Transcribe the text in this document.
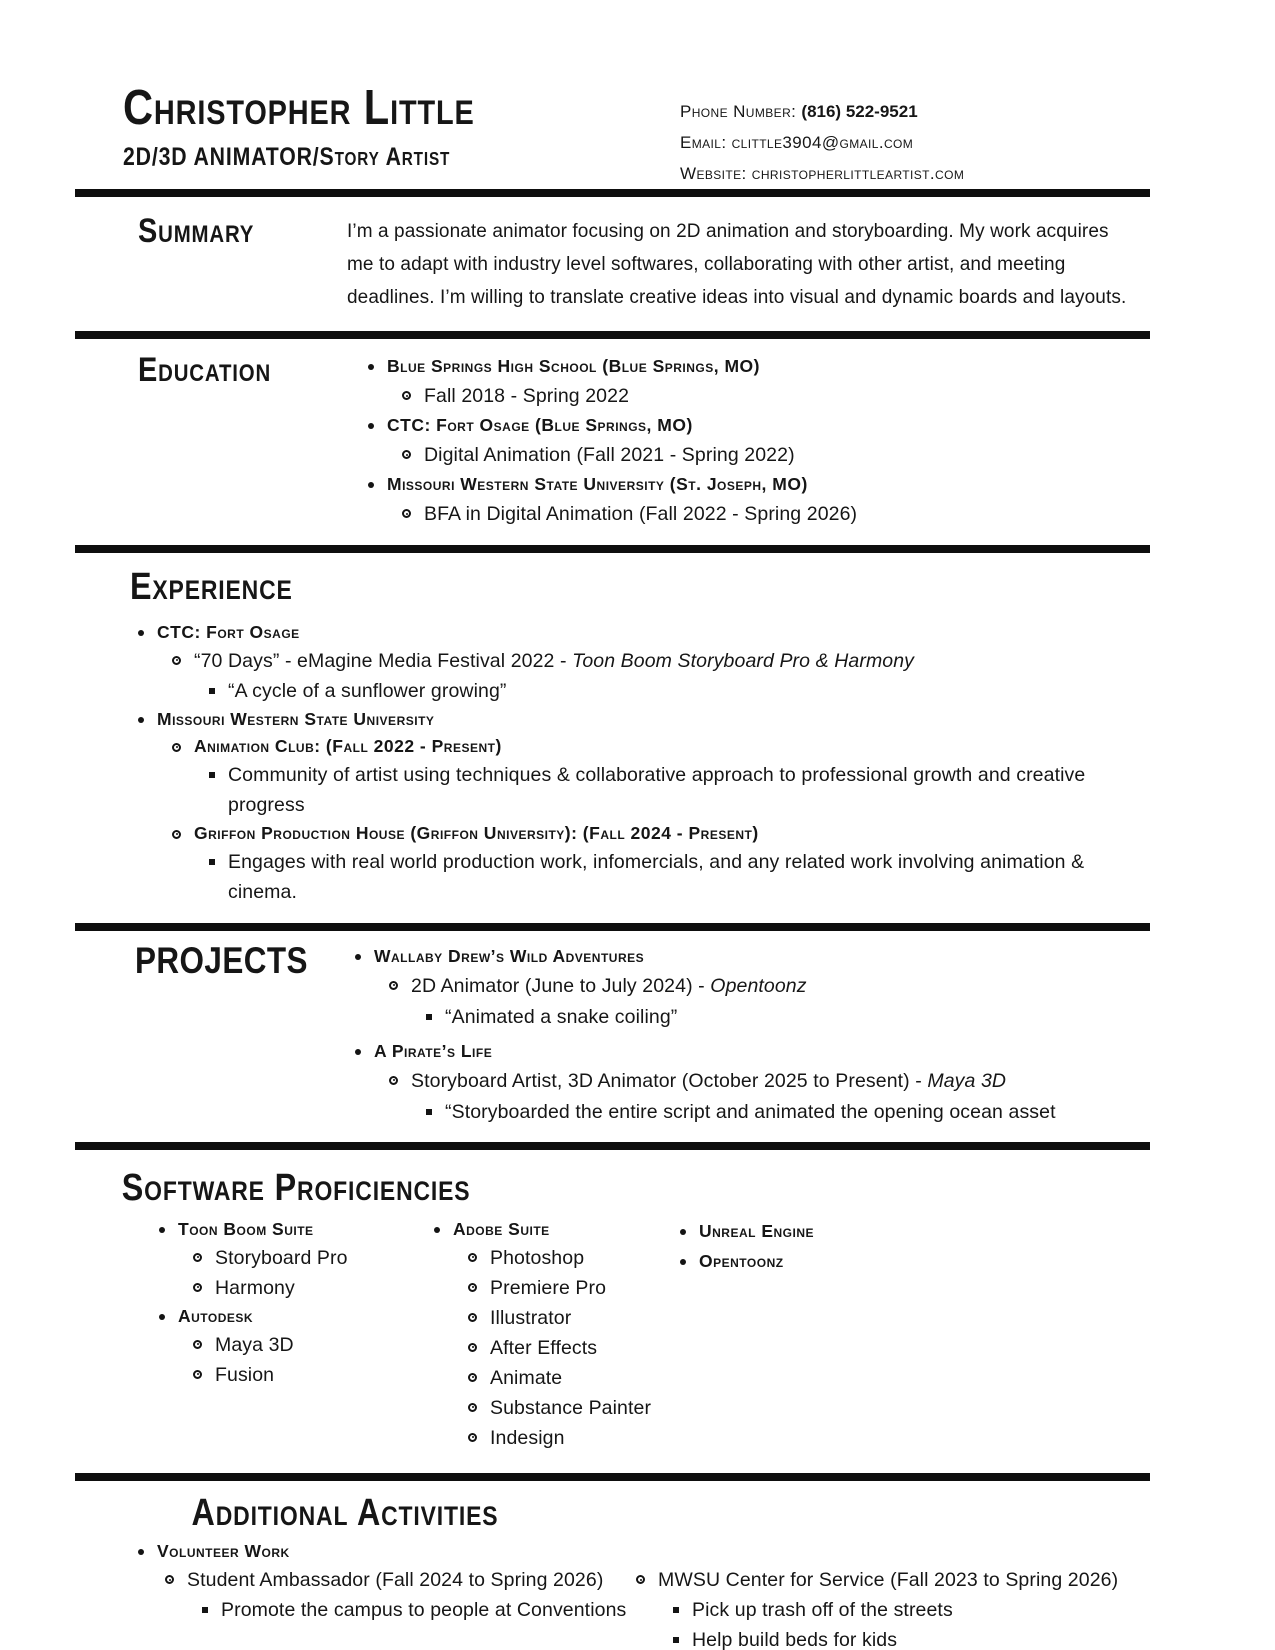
Christopher Little
2D/3D ANIMATOR/Story Artist
Phone Number: (816) 522-9521
Email: clittle3904@gmail.com
Website: christopherlittleartist.com
Summary	I’m a passionate animator focusing on 2D animation and storyboarding. My work acquires me to adapt with industry level softwares, collaborating with other artist, and meeting deadlines. I’m willing to translate creative ideas into visual and dynamic boards and layouts.

Education	Blue Springs High School (Blue Springs, MO)
Fall 2018 - Spring 2022
CTC: Fort Osage (Blue Springs, MO)
Digital Animation (Fall 2021 - Spring 2022)
Missouri Western State University (St. Joseph, MO)
BFA in Digital Animation (Fall 2022 - Spring 2026)
Experience
CTC: Fort Osage
“70 Days” - eMagine Media Festival 2022 - Toon Boom Storyboard Pro & Harmony
“A cycle of a sunflower growing”
Missouri Western State University
Animation Club: (Fall 2022 - Present)
Community of artist using techniques & collaborative approach to professional growth and creative progress
Griffon Production House (Griffon University): (Fall 2024 - Present)
Engages with real world production work, infomercials, and any related work involving animation & cinema.
PROJECTS	Wallaby Drew’s Wild Adventures
2D Animator (June to July 2024) - Opentoonz
“Animated a snake coiling”
A Pirate’s Life
Storyboard Artist, 3D Animator (October 2025 to Present) - Maya 3D
“Storyboarded the entire script and animated the opening ocean asset
Software Proficiencies
Toon Boom Suite
Storyboard Pro
Harmony
Autodesk
Maya 3D
Fusion
Adobe Suite
Photoshop
Premiere Pro
Illustrator
After Effects
Animate
Substance Painter
Indesign
Unreal Engine
Opentoonz
Additional Activities
Volunteer Work
Student Ambassador (Fall 2024 to Spring 2026)
Promote the campus to people at Conventions
MWSU Center for Service (Fall 2023 to Spring 2026)
Pick up trash off of the streets
Help build beds for kids
